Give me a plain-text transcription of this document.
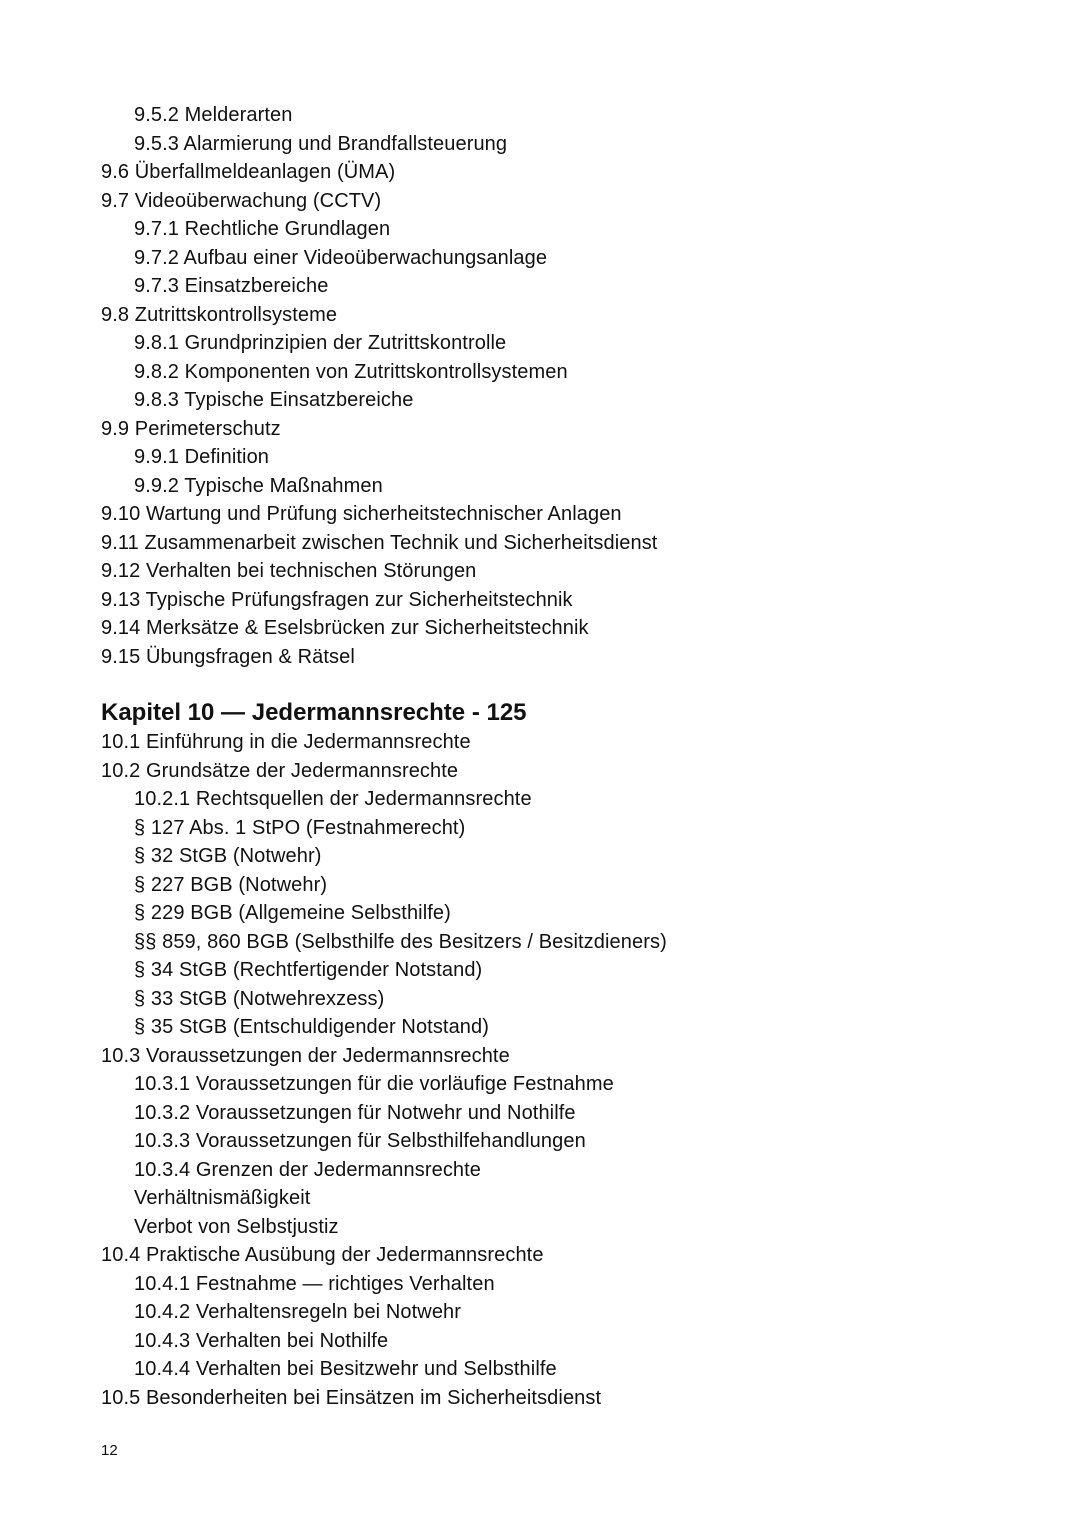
9.5.2 Melderarten
9.5.3 Alarmierung und Brandfallsteuerung
9.6 Überfallmeldeanlagen (ÜMA)
9.7 Videoüberwachung (CCTV)
9.7.1 Rechtliche Grundlagen
9.7.2 Aufbau einer Videoüberwachungsanlage
9.7.3 Einsatzbereiche
9.8 Zutrittskontrollsysteme
9.8.1 Grundprinzipien der Zutrittskontrolle
9.8.2 Komponenten von Zutrittskontrollsystemen
9.8.3 Typische Einsatzbereiche
9.9 Perimeterschutz
9.9.1 Definition
9.9.2 Typische Maßnahmen
9.10 Wartung und Prüfung sicherheitstechnischer Anlagen
9.11 Zusammenarbeit zwischen Technik und Sicherheitsdienst
9.12 Verhalten bei technischen Störungen
9.13 Typische Prüfungsfragen zur Sicherheitstechnik
9.14 Merksätze & Eselsbrücken zur Sicherheitstechnik
9.15 Übungsfragen & Rätsel
Kapitel 10 — Jedermannsrechte - 125
10.1 Einführung in die Jedermannsrechte
10.2 Grundsätze der Jedermannsrechte
10.2.1 Rechtsquellen der Jedermannsrechte
§ 127 Abs. 1 StPO (Festnahmerecht)
§ 32 StGB (Notwehr)
§ 227 BGB (Notwehr)
§ 229 BGB (Allgemeine Selbsthilfe)
§§ 859, 860 BGB (Selbsthilfe des Besitzers / Besitzdieners)
§ 34 StGB (Rechtfertigender Notstand)
§ 33 StGB (Notwehrexzess)
§ 35 StGB (Entschuldigender Notstand)
10.3 Voraussetzungen der Jedermannsrechte
10.3.1 Voraussetzungen für die vorläufige Festnahme
10.3.2 Voraussetzungen für Notwehr und Nothilfe
10.3.3 Voraussetzungen für Selbsthilfehandlungen
10.3.4 Grenzen der Jedermannsrechte
Verhältnismäßigkeit
Verbot von Selbstjustiz
10.4 Praktische Ausübung der Jedermannsrechte
10.4.1 Festnahme — richtiges Verhalten
10.4.2 Verhaltensregeln bei Notwehr
10.4.3 Verhalten bei Nothilfe
10.4.4 Verhalten bei Besitzwehr und Selbsthilfe
10.5 Besonderheiten bei Einsätzen im Sicherheitsdienst
12
